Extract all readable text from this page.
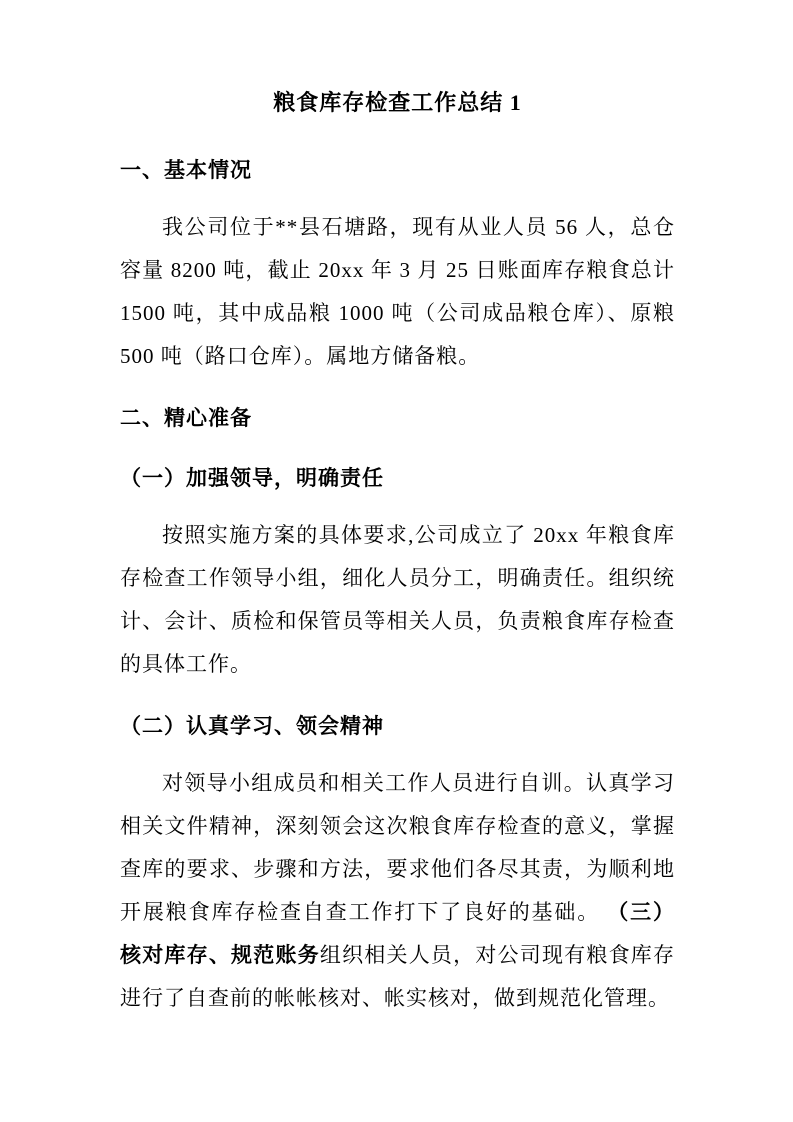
粮食库存检查工作总结 1
一、基本情况

我公司位于**县石塘路，现有从业人员 56 人，总仓容量 8200 吨，截止 20xx 年 3 月 25 日账面库存粮食总计 1500 吨，其中成品粮 1000 吨（公司成品粮仓库）、原粮 500 吨（路口仓库）。属地方储备粮。

二、精心准备
（一）加强领导，明确责任

按照实施方案的具体要求,公司成立了 20xx 年粮食库存检查工作领导小组，细化人员分工，明确责任。组织统计、会计、质检和保管员等相关人员，负责粮食库存检查的具体工作。

（二）认真学习、领会精神

对领导小组成员和相关工作人员进行自训。认真学习相关文件精神，深刻领会这次粮食库存检查的意义，掌握查库的要求、步骤和方法，要求他们各尽其责，为顺利地开展粮食库存检查自查工作打下了良好的基础。 （三）核对库存、规范账务组织相关人员，对公司现有粮食库存进行了自查前的帐帐核对、帐实核对，做到规范化管理。
